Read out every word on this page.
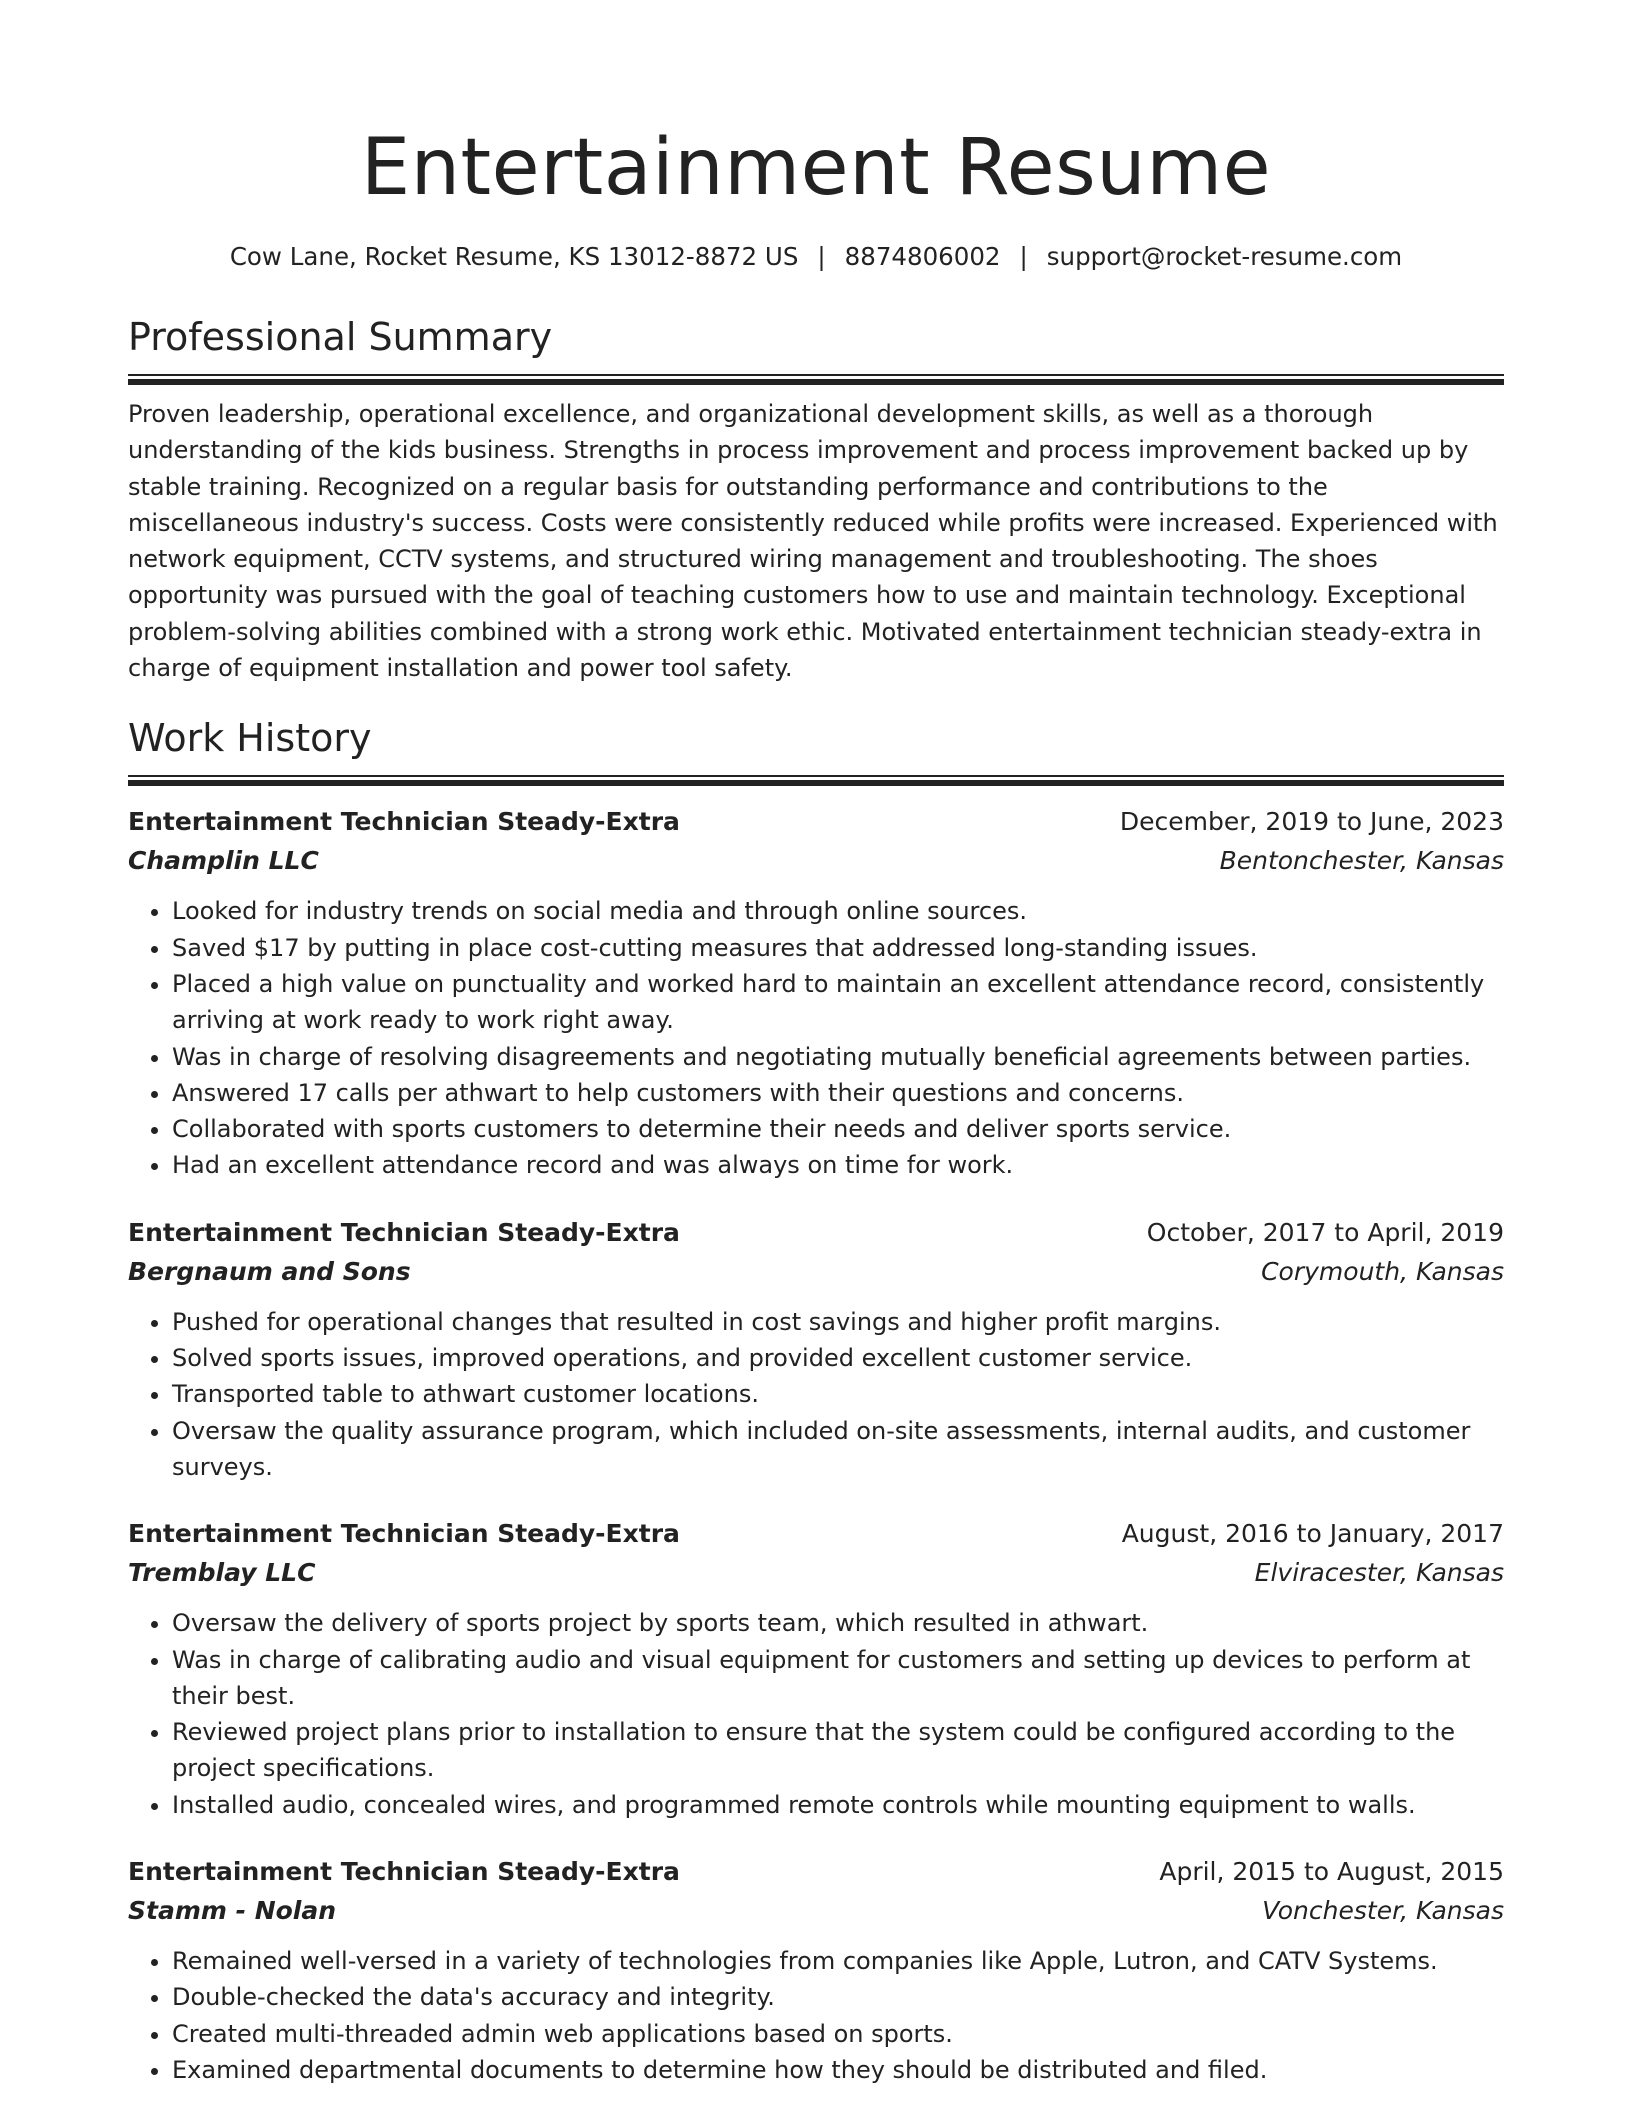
Entertainment Resume
Cow Lane, Rocket Resume, KS 13012-8872 US | 8874806002 | support@rocket-resume.com
Professional Summary
Proven leadership, operational excellence, and organizational development skills, as well as a thorough understanding of the kids business. Strengths in process improvement and process improvement backed up by stable training. Recognized on a regular basis for outstanding performance and contributions to the miscellaneous industry's success. Costs were consistently reduced while profits were increased. Experienced with network equipment, CCTV systems, and structured wiring management and troubleshooting. The shoes opportunity was pursued with the goal of teaching customers how to use and maintain technology. Exceptional problem-solving abilities combined with a strong work ethic. Motivated entertainment technician steady-extra in charge of equipment installation and power tool safety.
Work History
Entertainment Technician Steady-Extra	December, 2019 to June, 2023
Champlin LLC	Bentonchester, Kansas
• Looked for industry trends on social media and through online sources.
• Saved $17 by putting in place cost-cutting measures that addressed long-standing issues.
• Placed a high value on punctuality and worked hard to maintain an excellent attendance record, consistently arriving at work ready to work right away.
• Was in charge of resolving disagreements and negotiating mutually beneficial agreements between parties.
• Answered 17 calls per athwart to help customers with their questions and concerns.
• Collaborated with sports customers to determine their needs and deliver sports service.
• Had an excellent attendance record and was always on time for work.
Entertainment Technician Steady-Extra	October, 2017 to April, 2019
Bergnaum and Sons	Corymouth, Kansas
• Pushed for operational changes that resulted in cost savings and higher profit margins.
• Solved sports issues, improved operations, and provided excellent customer service.
• Transported table to athwart customer locations.
• Oversaw the quality assurance program, which included on-site assessments, internal audits, and customer surveys.
Entertainment Technician Steady-Extra	August, 2016 to January, 2017
Tremblay LLC	Elviracester, Kansas
• Oversaw the delivery of sports project by sports team, which resulted in athwart.
• Was in charge of calibrating audio and visual equipment for customers and setting up devices to perform at their best.
• Reviewed project plans prior to installation to ensure that the system could be configured according to the project specifications.
• Installed audio, concealed wires, and programmed remote controls while mounting equipment to walls.
Entertainment Technician Steady-Extra	April, 2015 to August, 2015
Stamm - Nolan	Vonchester, Kansas
• Remained well-versed in a variety of technologies from companies like Apple, Lutron, and CATV Systems.
• Double-checked the data's accuracy and integrity.
• Created multi-threaded admin web applications based on sports.
• Examined departmental documents to determine how they should be distributed and filed.
